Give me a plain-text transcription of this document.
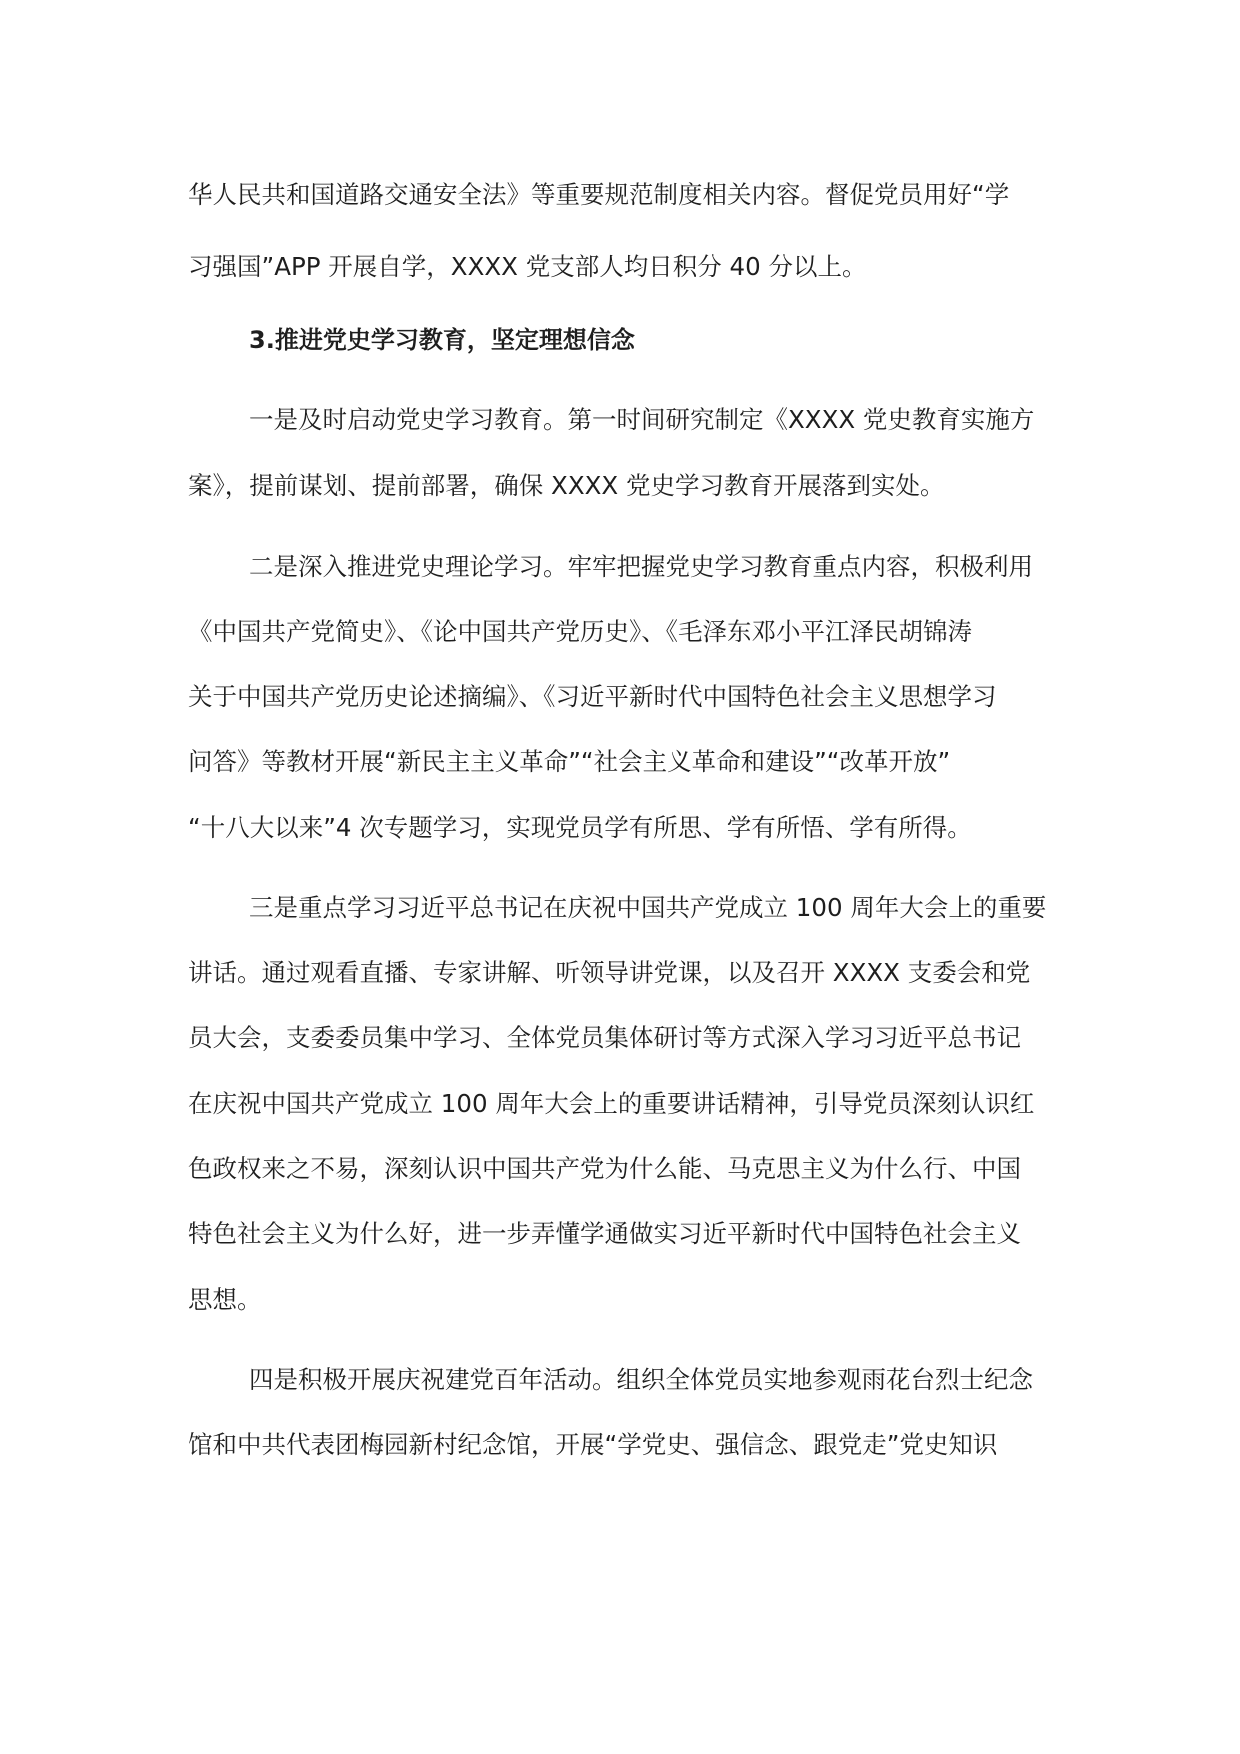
华人民共和国道路交通安全法》等重要规范制度相关内容。督促党员用好“学
习强国”APP 开展自学，XXXX 党支部人均日积分 40 分以上。
3.推进党史学习教育，坚定理想信念
一是及时启动党史学习教育。第一时间研究制定《XXXX 党史教育实施方
案》，提前谋划、提前部署，确保 XXXX 党史学习教育开展落到实处。
二是深入推进党史理论学习。牢牢把握党史学习教育重点内容，积极利用
《中国共产党简史》、《论中国共产党历史》、《毛泽东邓小平江泽民胡锦涛
关于中国共产党历史论述摘编》、《习近平新时代中国特色社会主义思想学习
问答》等教材开展“新民主主义革命”“社会主义革命和建设”“改革开放”
“十八大以来”4 次专题学习，实现党员学有所思、学有所悟、学有所得。
三是重点学习习近平总书记在庆祝中国共产党成立 100 周年大会上的重要
讲话。通过观看直播、专家讲解、听领导讲党课，以及召开 XXXX 支委会和党
员大会，支委委员集中学习、全体党员集体研讨等方式深入学习习近平总书记
在庆祝中国共产党成立 100 周年大会上的重要讲话精神，引导党员深刻认识红
色政权来之不易，深刻认识中国共产党为什么能、马克思主义为什么行、中国
特色社会主义为什么好，进一步弄懂学通做实习近平新时代中国特色社会主义
思想。
四是积极开展庆祝建党百年活动。组织全体党员实地参观雨花台烈士纪念
馆和中共代表团梅园新村纪念馆，开展“学党史、强信念、跟党走”党史知识
